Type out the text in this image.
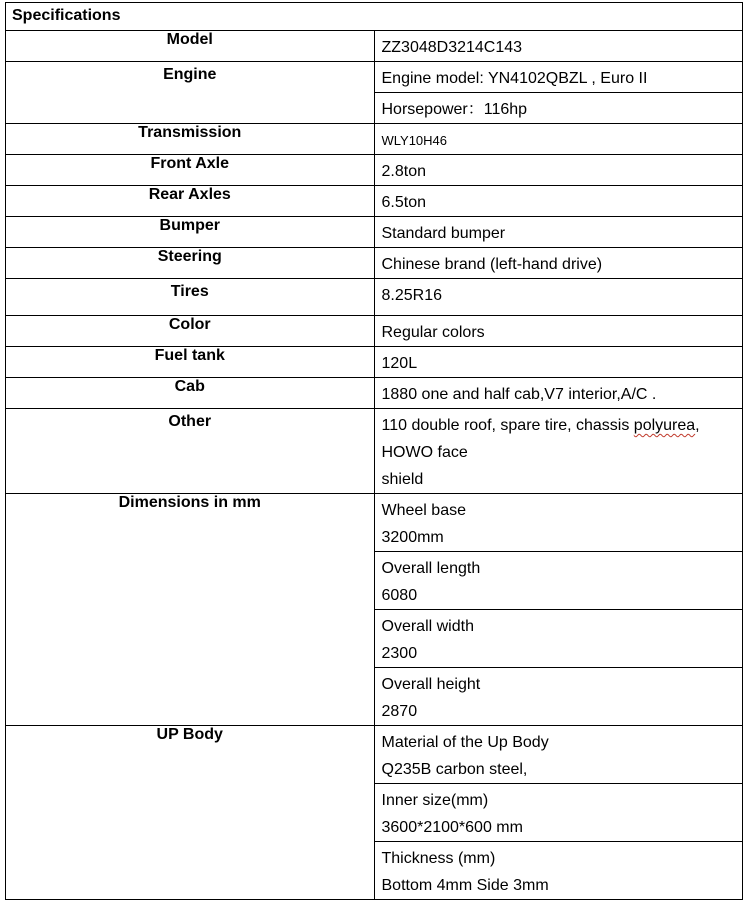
Specifications	
Model	ZZ3048D3214C143
Engine	Engine model: YN4102QBZL , Euro II
	Horsepower：116hp
Transmission	WLY10H46
Front Axle	2.8ton
Rear Axles	6.5ton
Bumper	Standard bumper
Steering	Chinese brand (left-hand drive)
Tires	8.25R16
Color	Regular colors
Fuel tank	120L
Cab	1880 one and half cab,V7 interior,A/C .
Other	110 double roof, spare tire, chassis polyurea, HOWO face
shield
Dimensions in mm	Wheel base
3200mm

	Overall length
6080

	Overall width
2300

	Overall height
2870

UP Body	Material of the Up Body
Q235B carbon steel,

	Inner size(mm)
3600*2100*600 mm

	Thickness (mm)
Bottom 4mm Side 3mm
